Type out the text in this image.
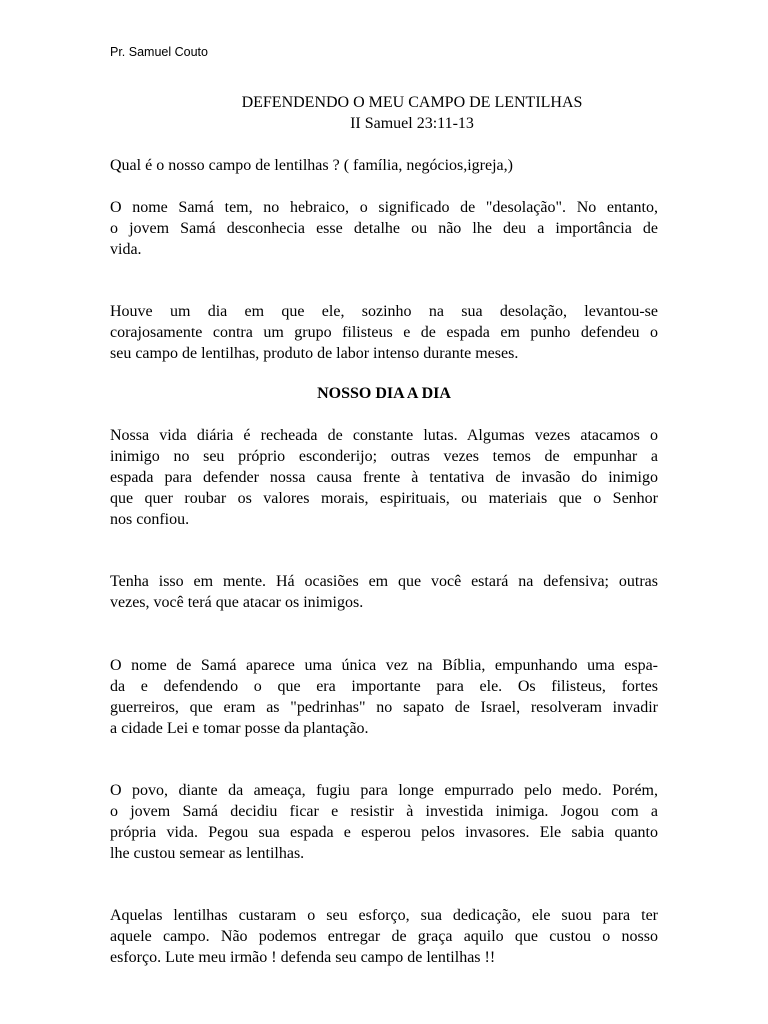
Pr. Samuel Couto
DEFENDENDO O MEU CAMPO DE LENTILHAS
II Samuel 23:11-13
Qual é o nosso campo de lentilhas ? ( família, negócios,igreja,)
O nome Samá tem, no hebraico, o significado de "desolação". No entanto,
o jovem Samá desconhecia esse detalhe ou não lhe deu a importância de
vida.
Houve um dia em que ele, sozinho na sua desolação, levantou-se
corajosamente contra um grupo filisteus e de espada em punho defendeu o
seu campo de lentilhas, produto de labor intenso durante meses.
NOSSO DIA A DIA
Nossa vida diária é recheada de constante lutas. Algumas vezes atacamos o
inimigo no seu próprio esconderijo; outras vezes temos de empunhar a
espada para defender nossa causa frente à tentativa de invasão do inimigo
que quer roubar os valores morais, espirituais, ou materiais que o Senhor
nos confiou.
Tenha isso em mente. Há ocasiões em que você estará na defensiva; outras
vezes, você terá que atacar os inimigos.
O nome de Samá aparece uma única vez na Bíblia, empunhando uma espa-
da e defendendo o que era importante para ele. Os filisteus, fortes
guerreiros, que eram as "pedrinhas" no sapato de Israel, resolveram invadir
a cidade Lei e tomar posse da plantação.
O povo, diante da ameaça, fugiu para longe empurrado pelo medo. Porém,
o jovem Samá decidiu ficar e resistir à investida inimiga. Jogou com a
própria vida. Pegou sua espada e esperou pelos invasores. Ele sabia quanto
lhe custou semear as lentilhas.
Aquelas lentilhas custaram o seu esforço, sua dedicação, ele suou para ter
aquele campo. Não podemos entregar de graça aquilo que custou o nosso
esforço. Lute meu irmão ! defenda seu campo de lentilhas !!
